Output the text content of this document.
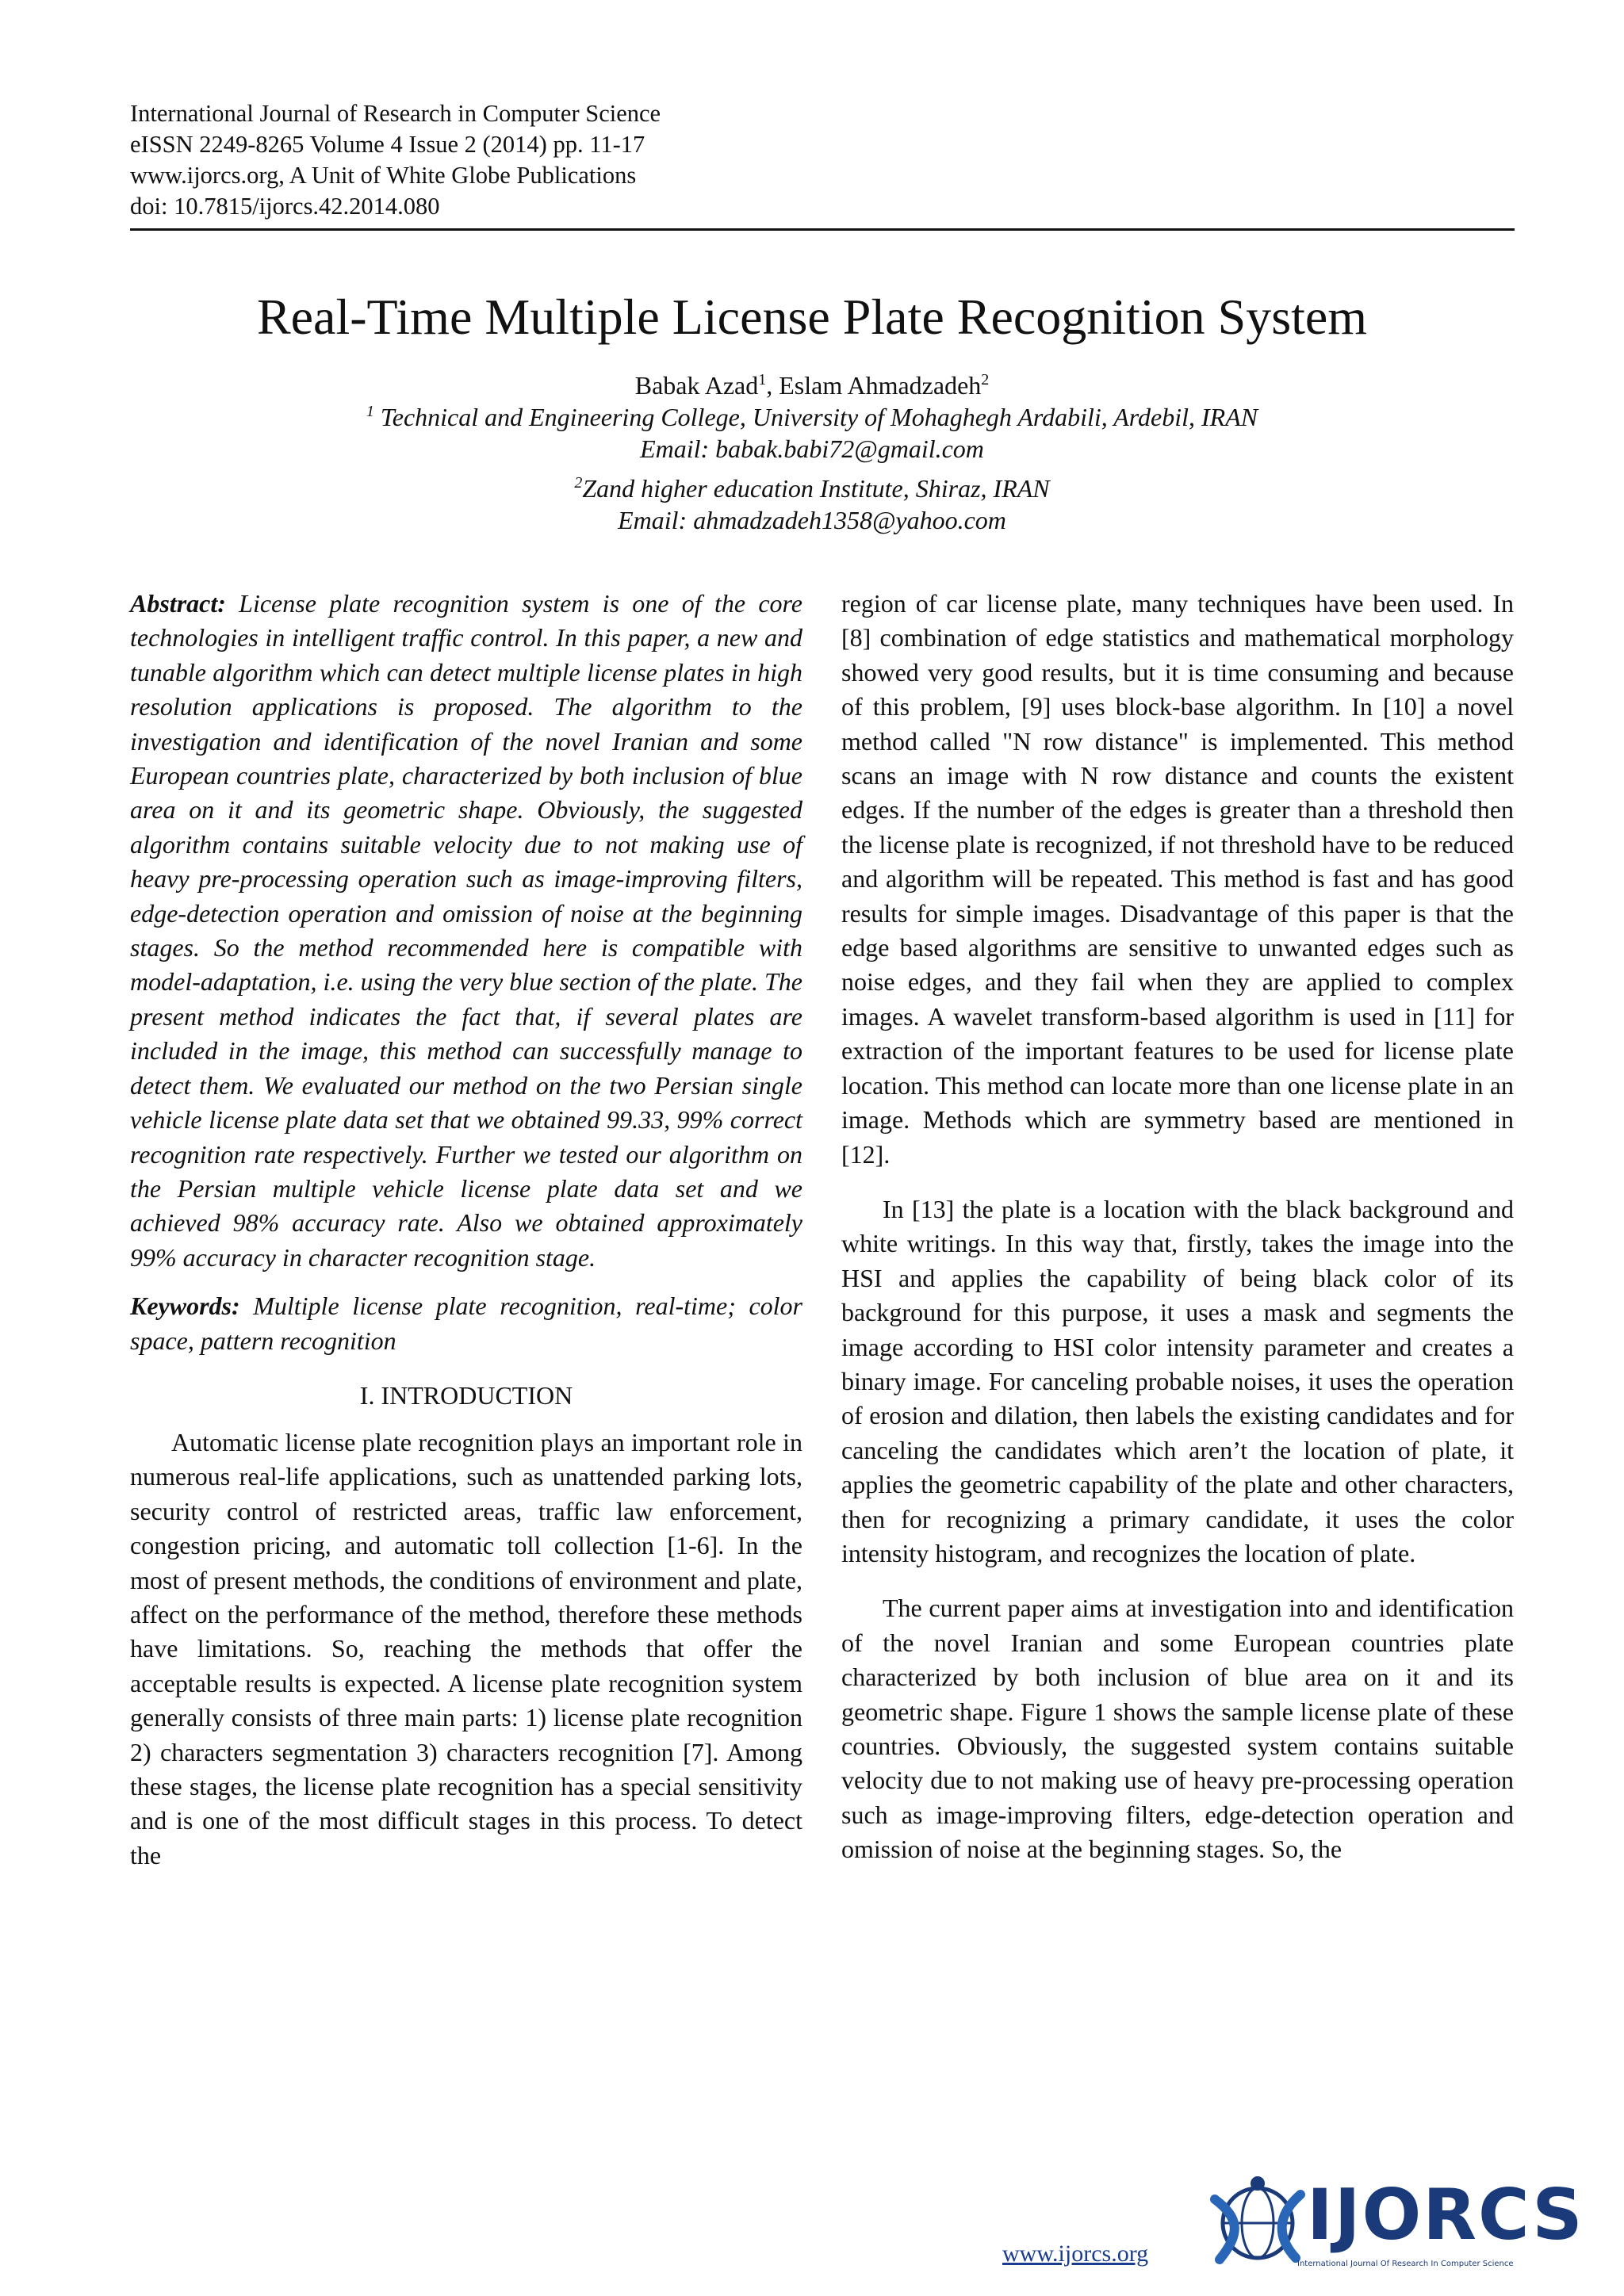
International Journal of Research in Computer Science
eISSN 2249-8265 Volume 4 Issue 2 (2014) pp. 11-17
www.ijorcs.org, A Unit of White Globe Publications
doi: 10.7815/ijorcs.42.2014.080
Real-Time Multiple License Plate Recognition System
Babak Azad$^1$, Eslam Ahmadzadeh$^2$
$^1$ Technical and Engineering College, University of Mohaghegh Ardabili, Ardebil, IRAN
Email: babak.babi72@gmail.com
$^2$Zand higher education Institute, Shiraz, IRAN
Email: ahmadzadeh1358@yahoo.com

Abstract: License plate recognition system is one of the core technologies in intelligent traffic control. In this paper, a new and tunable algorithm which can detect multiple license plates in high resolution applications is proposed. The algorithm to the investigation and identification of the novel Iranian and some European countries plate, characterized by both inclusion of blue area on it and its geometric shape. Obviously, the suggested algorithm contains suitable velocity due to not making use of heavy pre-processing operation such as image-improving filters, edge-detection operation and omission of noise at the beginning stages. So the method recommended here is compatible with model-adaptation, i.e. using the very blue section of the plate. The present method indicates the fact that, if several plates are included in the image, this method can successfully manage to detect them. We evaluated our method on the two Persian single vehicle license plate data set that we obtained 99.33, 99% correct recognition rate respectively. Further we tested our algorithm on the Persian multiple vehicle license plate data set and we achieved 98% accuracy rate. Also we obtained approximately 99% accuracy in character recognition stage.

Keywords: Multiple license plate recognition, real-time; color space, pattern recognition

I. INTRODUCTION

Automatic license plate recognition plays an important role in numerous real-life applications, such as unattended parking lots, security control of restricted areas, traffic law enforcement, congestion pricing, and automatic toll collection [1-6]. In the most of present methods, the conditions of environment and plate, affect on the performance of the method, therefore these methods have limitations. So, reaching the methods that offer the acceptable results is expected. A license plate recognition system generally consists of three main parts: 1) license plate recognition 2) characters segmentation 3) characters recognition [7]. Among these stages, the license plate recognition has a special sensitivity and is one of the most difficult stages in this process. To detect the

region of car license plate, many techniques have been used. In [8] combination of edge statistics and mathematical morphology showed very good results, but it is time consuming and because of this problem, [9] uses block-base algorithm. In [10] a novel method called "N row distance" is implemented. This method scans an image with N row distance and counts the existent edges. If the number of the edges is greater than a threshold then the license plate is recognized, if not threshold have to be reduced and algorithm will be repeated. This method is fast and has good results for simple images. Disadvantage of this paper is that the edge based algorithms are sensitive to unwanted edges such as noise edges, and they fail when they are applied to complex images. A wavelet transform-based algorithm is used in [11] for extraction of the important features to be used for license plate location. This method can locate more than one license plate in an image. Methods which are symmetry based are mentioned in [12].

In [13] the plate is a location with the black background and white writings. In this way that, firstly, takes the image into the HSI and applies the capability of being black color of its background for this purpose, it uses a mask and segments the image according to HSI color intensity parameter and creates a binary image. For canceling probable noises, it uses the operation of erosion and dilation, then labels the existing candidates and for canceling the candidates which aren’t the location of plate, it applies the geometric capability of the plate and other characters, then for recognizing a primary candidate, it uses the color intensity histogram, and recognizes the location of plate.

The current paper aims at investigation into and identification of the novel Iranian and some European countries plate characterized by both inclusion of blue area on it and its geometric shape. Figure 1 shows the sample license plate of these countries. Obviously, the suggested system contains suitable velocity due to not making use of heavy pre-processing operation such as image-improving filters, edge-detection operation and omission of noise at the beginning stages. So, the

www.ijorcs.org IJORCS
International Journal Of Research In Computer Science
